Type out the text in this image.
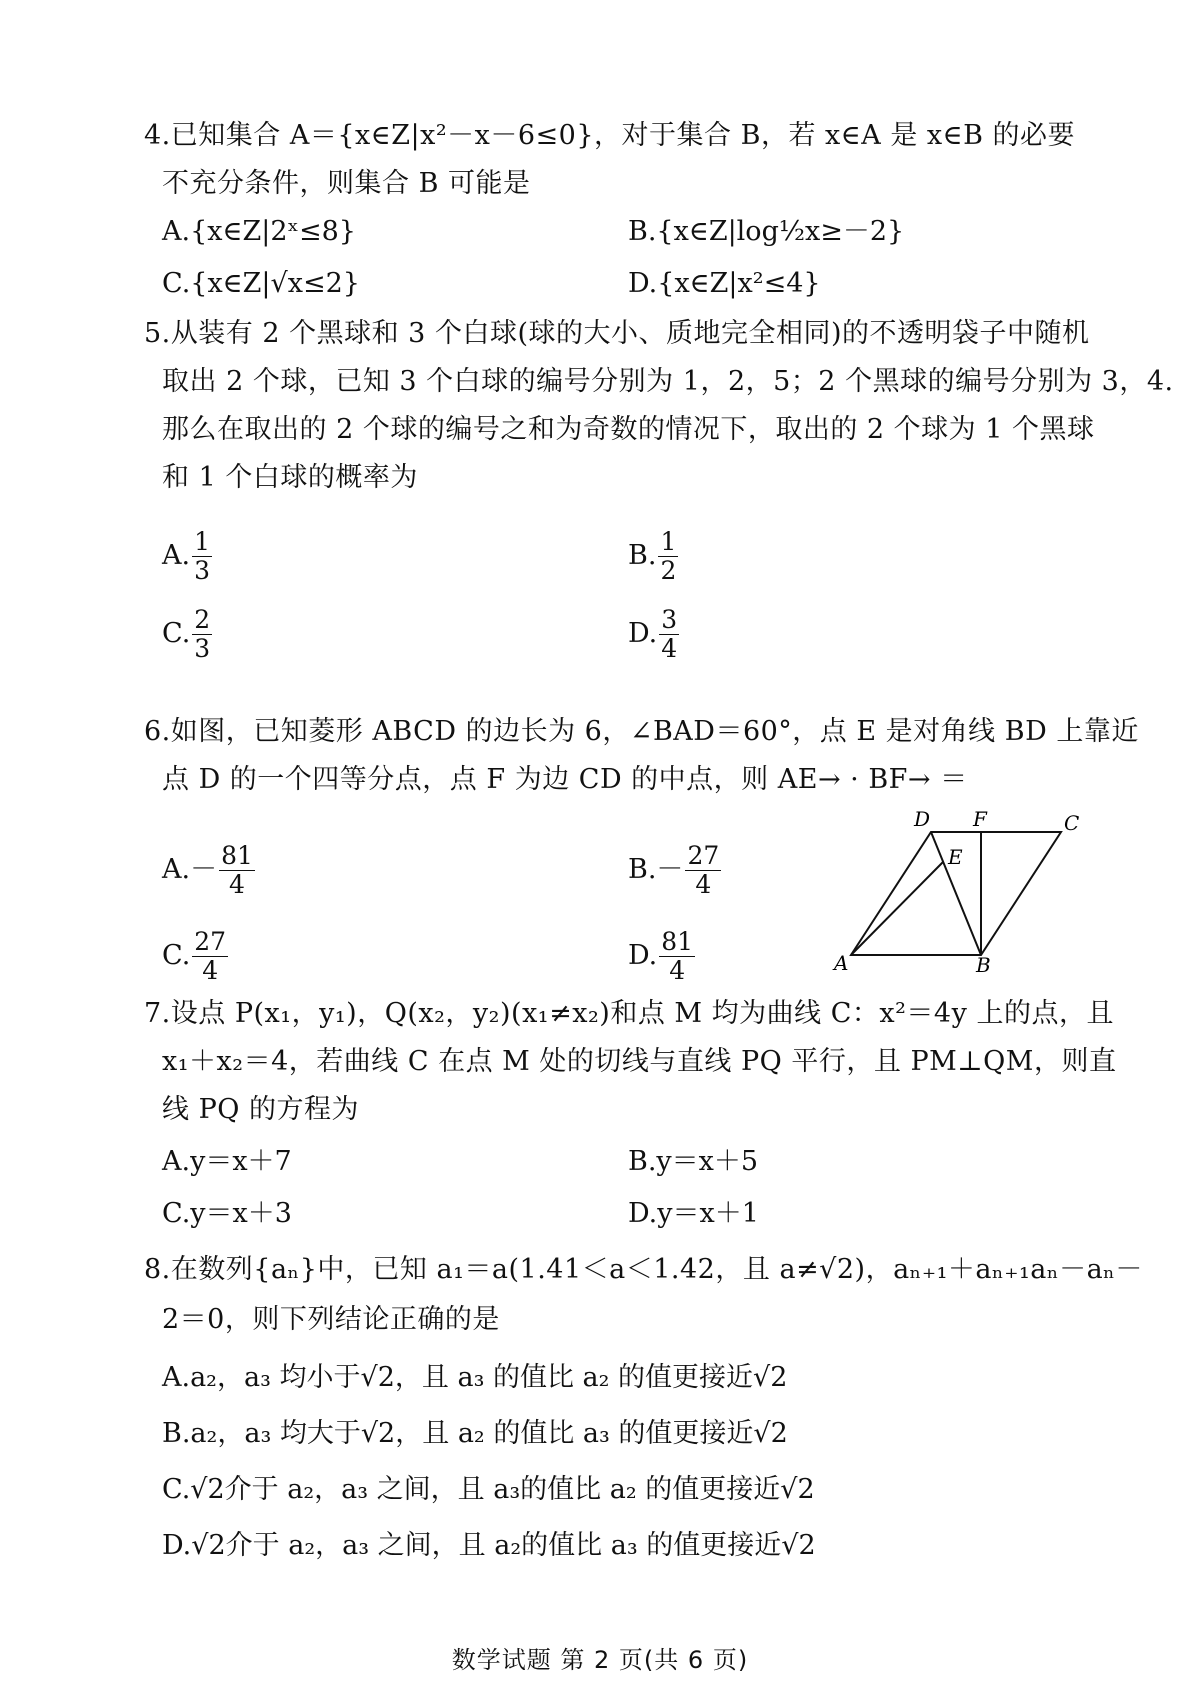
4.已知集合 A＝{x∈Z|x²－x－6≤0}，对于集合 B，若 x∈A 是 x∈B 的必要
不充分条件，则集合 B 可能是
A.{x∈Z|2ˣ≤8}	B.{x∈Z|log½x≥－2}
C.{x∈Z|√x≤2}	D.{x∈Z|x²≤4}
5.从装有 2 个黑球和 3 个白球(球的大小、质地完全相同)的不透明袋子中随机
取出 2 个球，已知 3 个白球的编号分别为 1，2，5；2 个黑球的编号分别为 3，4.
那么在取出的 2 个球的编号之和为奇数的情况下，取出的 2 个球为 1 个黑球
和 1 个白球的概率为
A. $\frac{1}{3}$	B. $\frac{1}{2}$
C. $\frac{2}{3}$	D. $\frac{3}{4}$
6.如图，已知菱形 ABCD 的边长为 6，∠BAD＝60°，点 E 是对角线 BD 上靠近
点 D 的一个四等分点，点 F 为边 CD 的中点，则 AE→ · BF→ ＝
$A.- \frac{81}{4}$	$B.- \frac{27}{4}$
C. $\frac{27}{4}$	D. $\frac{81}{4}$
D F	C
E
A	B
7.设点 P(x₁，y₁)，Q(x₂，y₂)(x₁≠x₂)和点 M 均为曲线 C：x²＝4y 上的点，且
x₁＋x₂＝4，若曲线 C 在点 M 处的切线与直线 PQ 平行，且 PM⊥QM，则直
线 PQ 的方程为
A.y＝x＋7	B.y＝x＋5
C.y＝x＋3	D.y＝x＋1
8.在数列{aₙ}中，已知 a₁＝a(1.41＜a＜1.42，且 a≠√2)，aₙ₊₁＋aₙ₊₁aₙ－aₙ－
2＝0，则下列结论正确的是
A.a₂，a₃ 均小于√2，且 a₃ 的值比 a₂ 的值更接近√2
B.a₂，a₃ 均大于√2，且 a₂ 的值比 a₃ 的值更接近√2
C.√2介于 a₂，a₃ 之间，且 a₃的值比 a₂ 的值更接近√2
D.√2介于 a₂，a₃ 之间，且 a₂的值比 a₃ 的值更接近√2
数学试题 第 2 页(共 6 页)
